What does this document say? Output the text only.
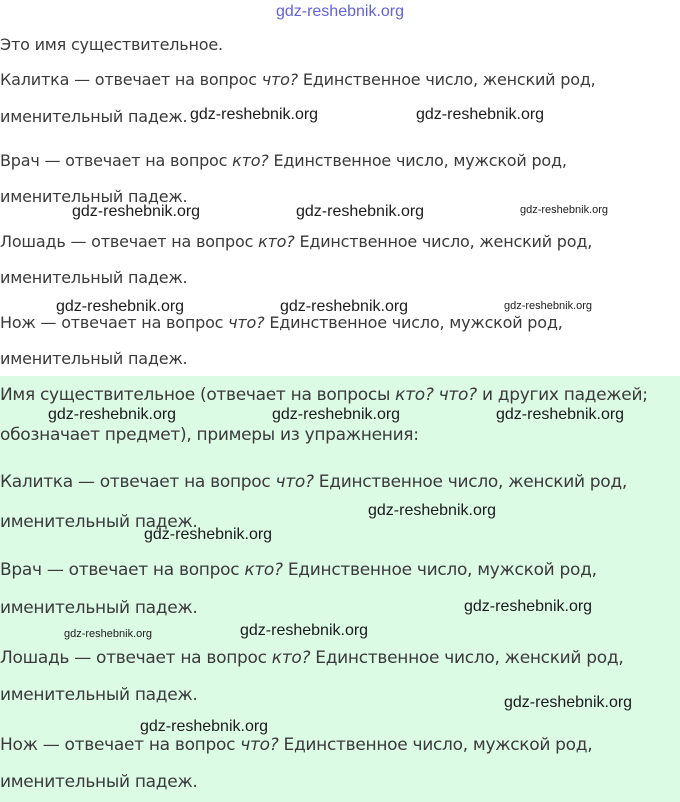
gdz-reshebnik.org
Это имя существительное.
Калитка — отвечает на вопрос что? Единственное число, женский род,
именительный падеж.
Врач — отвечает на вопрос кто? Единственное число, мужской род,
именительный падеж.
Лошадь — отвечает на вопрос кто? Единственное число, женский род,
именительный падеж.
Нож — отвечает на вопрос что? Единственное число, мужской род,
именительный падеж.
Имя существительное (отвечает на вопросы кто? что? и других падежей;
обозначает предмет), примеры из упражнения:
Калитка — отвечает на вопрос что? Единственное число, женский род,
именительный падеж.
Врач — отвечает на вопрос кто? Единственное число, мужской род,
именительный падеж.
Лошадь — отвечает на вопрос кто? Единственное число, женский род,
именительный падеж.
Нож — отвечает на вопрос что? Единственное число, мужской род,
именительный падеж.
gdz-reshebnik.org	gdz-reshebnik.org
gdz-reshebnik.org	gdz-reshebnik.org	gdz-reshebnik.org
gdz-reshebnik.org	gdz-reshebnik.org	gdz-reshebnik.org
gdz-reshebnik.org	gdz-reshebnik.org	gdz-reshebnik.org
gdz-reshebnik.org
gdz-reshebnik.org
gdz-reshebnik.org
gdz-reshebnik.org	gdz-reshebnik.org
gdz-reshebnik.org
gdz-reshebnik.org
